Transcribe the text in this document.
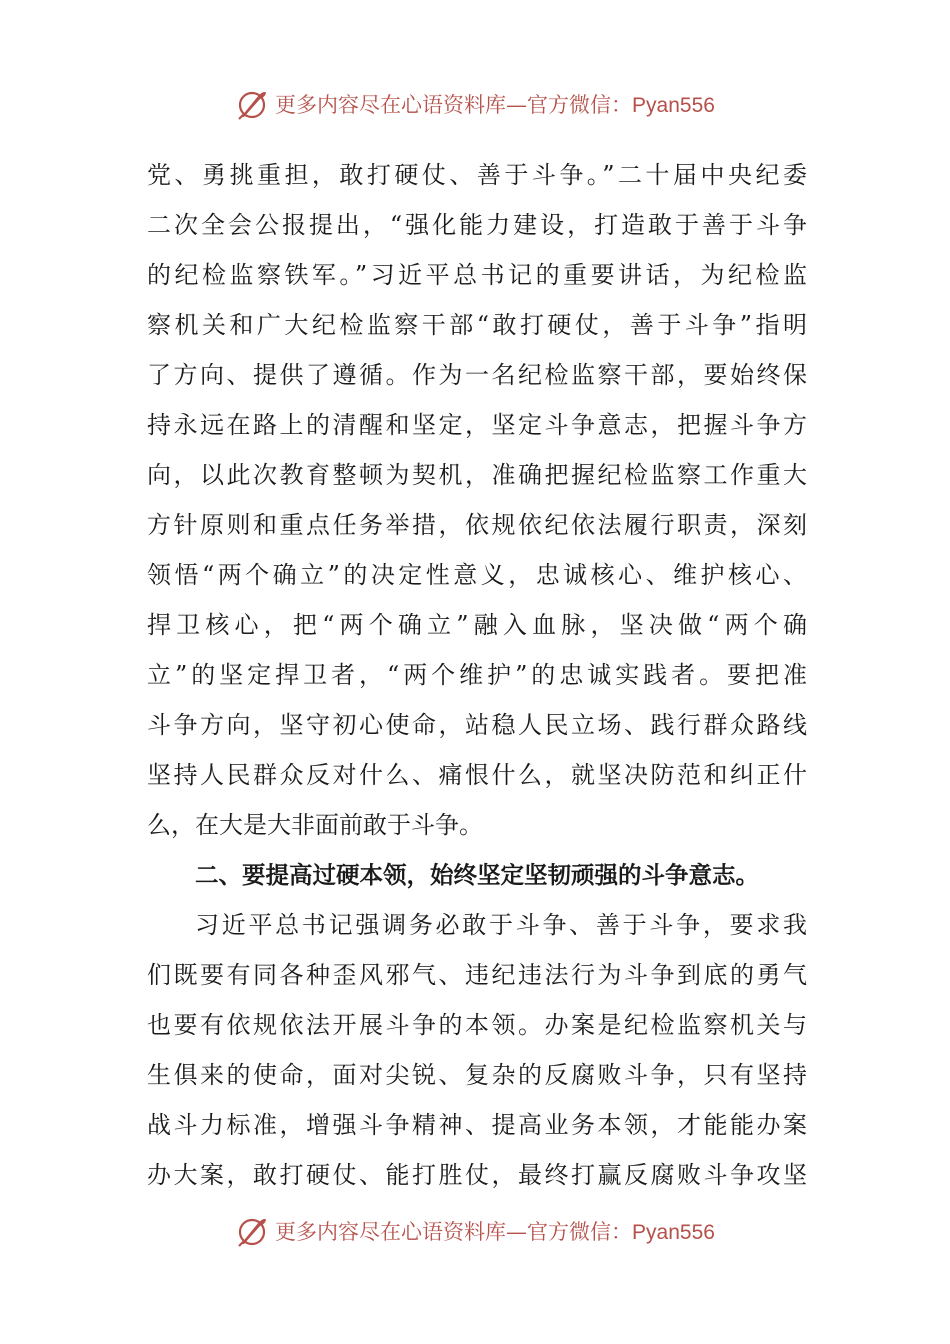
更多内容尽在心语资料库—官方微信：Pyan556
党、勇挑重担，敢打硬仗、善于斗争。”二十届中央纪委
二次全会公报提出，“强化能力建设，打造敢于善于斗争
的纪检监察铁军。”习近平总书记的重要讲话，为纪检监
察机关和广大纪检监察干部“敢打硬仗，善于斗争”指明
了方向、提供了遵循。作为一名纪检监察干部，要始终保
持永远在路上的清醒和坚定，坚定斗争意志，把握斗争方
向，以此次教育整顿为契机，准确把握纪检监察工作重大
方针原则和重点任务举措，依规依纪依法履行职责，深刻
领悟“两个确立”的决定性意义，忠诚核心、维护核心、
捍卫核心，把“两个确立”融入血脉，坚决做“两个确
立”的坚定捍卫者，“两个维护”的忠诚实践者。要把准
斗争方向，坚守初心使命，站稳人民立场、践行群众路线
坚持人民群众反对什么、痛恨什么，就坚决防范和纠正什
么，在大是大非面前敢于斗争。
二、要提高过硬本领，始终坚定坚韧顽强的斗争意志。
习近平总书记强调务必敢于斗争、善于斗争，要求我
们既要有同各种歪风邪气、违纪违法行为斗争到底的勇气
也要有依规依法开展斗争的本领。办案是纪检监察机关与
生俱来的使命，面对尖锐、复杂的反腐败斗争，只有坚持
战斗力标准，增强斗争精神、提高业务本领，才能能办案
办大案，敢打硬仗、能打胜仗，最终打赢反腐败斗争攻坚
更多内容尽在心语资料库—官方微信：Pyan556
